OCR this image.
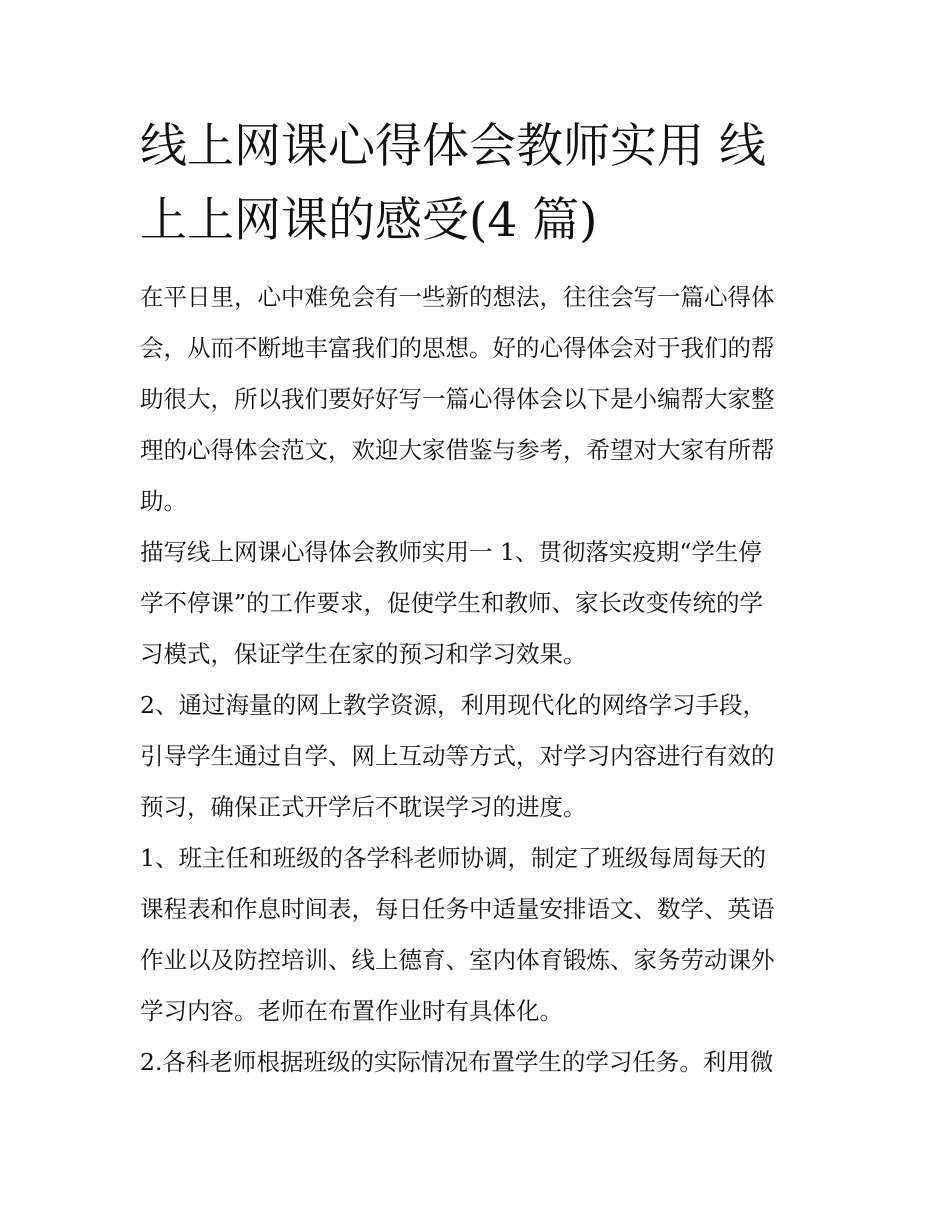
线上网课心得体会教师实用 线
上上网课的感受(4 篇)

在平日里，心中难免会有一些新的想法，往往会写一篇心得体
会，从而不断地丰富我们的思想。好的心得体会对于我们的帮
助很大，所以我们要好好写一篇心得体会以下是小编帮大家整
理的心得体会范文，欢迎大家借鉴与参考，希望对大家有所帮
助。

描写线上网课心得体会教师实用一 1、贯彻落实疫期“学生停
学不停课”的工作要求，促使学生和教师、家长改变传统的学
习模式，保证学生在家的预习和学习效果。

2、通过海量的网上教学资源，利用现代化的网络学习手段，
引导学生通过自学、网上互动等方式，对学习内容进行有效的
预习，确保正式开学后不耽误学习的进度。

1、班主任和班级的各学科老师协调，制定了班级每周每天的
课程表和作息时间表，每日任务中适量安排语文、数学、英语
作业以及防控培训、线上德育、室内体育锻炼、家务劳动课外
学习内容。老师在布置作业时有具体化。

2.各科老师根据班级的实际情况布置学生的学习任务。利用微
